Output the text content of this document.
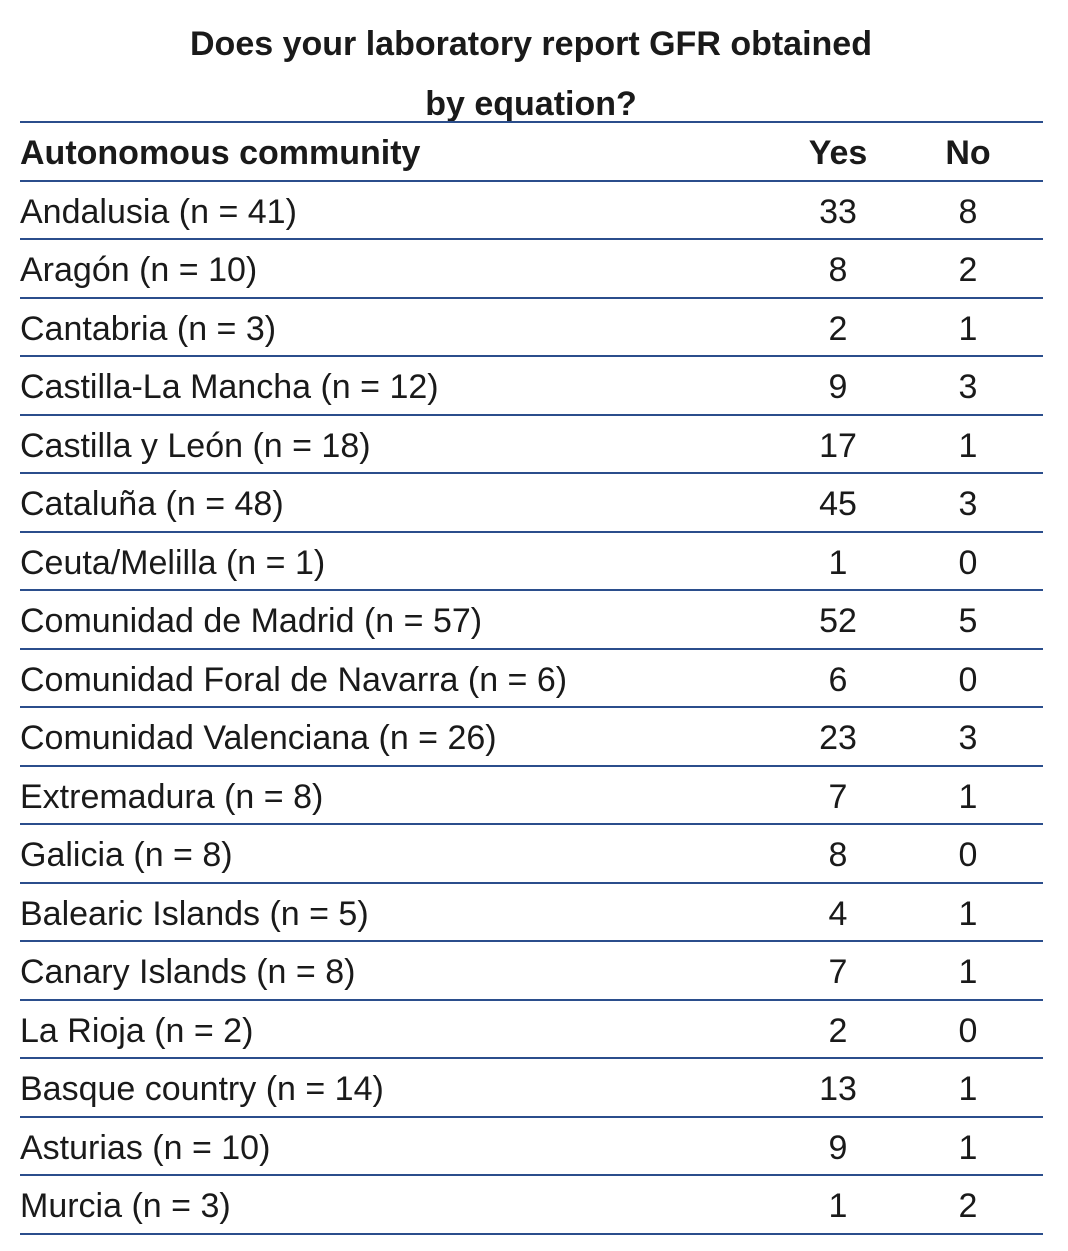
Does your laboratory report GFR obtained
by equation?
Autonomous community	Yes	No
Andalusia (n = 41)	33	8
Aragón (n = 10)	8	2
Cantabria (n = 3)	2	1
Castilla-La Mancha (n = 12)	9	3
Castilla y León (n = 18)	17	1
Cataluña (n = 48)	45	3
Ceuta/Melilla (n = 1)	1	0
Comunidad de Madrid (n = 57)	52	5
Comunidad Foral de Navarra (n = 6)	6	0
Comunidad Valenciana (n = 26)	23	3
Extremadura (n = 8)	7	1
Galicia (n = 8)	8	0
Balearic Islands (n = 5)	4	1
Canary Islands (n = 8)	7	1
La Rioja (n = 2)	2	0
Basque country (n = 14)	13	1
Asturias (n = 10)	9	1
Murcia (n = 3)	1	2
